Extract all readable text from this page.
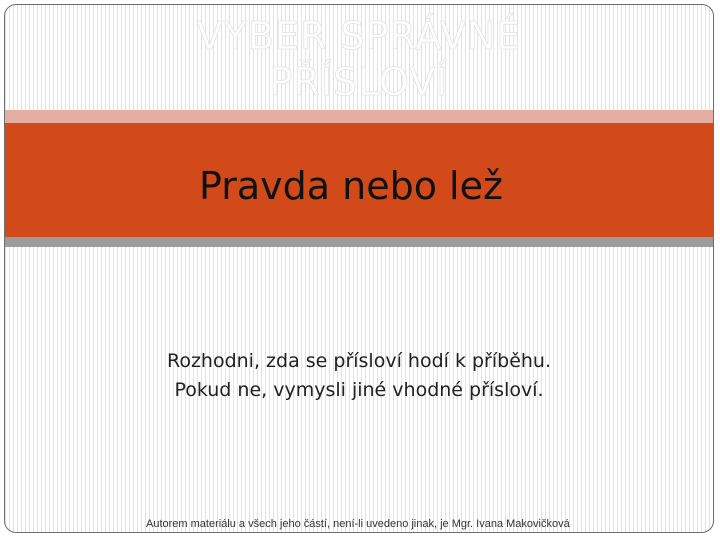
VYBER SPRÁVNÉ
PŘÍSLOVÍ
Pravda nebo lež
Rozhodni, zda se přísloví hodí k příběhu.
Pokud ne, vymysli jiné vhodné přísloví.
Autorem materiálu a všech jeho částí, není-li uvedeno jinak, je Mgr. Ivana Makovičková
